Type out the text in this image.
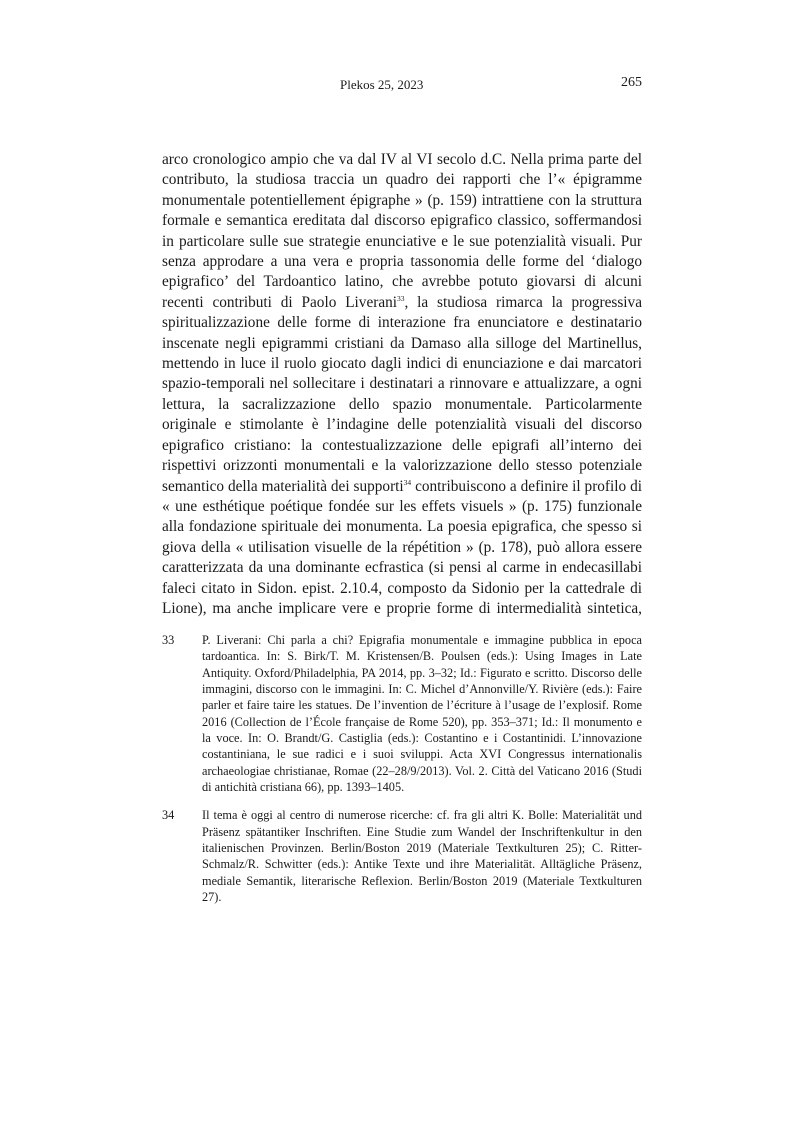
Plekos 25, 2023	265

arco cronologico ampio che va dal IV al VI secolo d.C. Nella prima parte del contributo, la studiosa traccia un quadro dei rapporti che l’« épigramme monumentale potentiellement épigraphe » (p. 159) intrattiene con la struttura formale e semantica ereditata dal discorso epigrafico classico, soffermandosi in particolare sulle sue strategie enunciative e le sue potenzialità visuali. Pur senza approdare a una vera e propria tassonomia delle forme del ‘dialogo epigrafico’ del Tardoantico latino, che avrebbe potuto giovarsi di alcuni recenti contributi di Paolo Liverani$^{33}$, la studiosa rimarca la progressiva spiritualizzazione delle forme di interazione fra enunciatore e destinatario inscenate negli epigrammi cristiani da Damaso alla silloge del Martinellus, mettendo in luce il ruolo giocato dagli indici di enunciazione e dai marcatori spazio-temporali nel sollecitare i destinatari a rinnovare e attualizzare, a ogni lettura, la sacralizzazione dello spazio monumentale. Particolarmente originale e stimolante è l’indagine delle potenzialità visuali del discorso epigrafico cristiano: la contestualizzazione delle epigrafi all’interno dei rispettivi orizzonti monumentali e la valorizzazione dello stesso potenziale semantico della materialità dei supporti$^{34}$ contribuiscono a definire il profilo di « une esthétique poétique fondée sur les effets visuels » (p. 175) funzionale alla fondazione spirituale dei monumenta. La poesia epigrafica, che spesso si giova della « utilisation visuelle de la répétition » (p. 178), può allora essere caratterizzata da una dominante ecfrastica (si pensi al carme in endecasillabi faleci citato in Sidon. epist. 2.10.4, composto da Sidonio per la cattedrale di Lione), ma anche implicare vere e proprie forme di intermedialità sintetica,

33 P. Liverani: Chi parla a chi? Epigrafia monumentale e immagine pubblica in epoca tardoantica. In: S. Birk/T. M. Kristensen/B. Poulsen (eds.): Using Images in Late Antiquity. Oxford/Philadelphia, PA 2014, pp. 3–32; Id.: Figurato e scritto. Discorso delle immagini, discorso con le immagini. In: C. Michel d’Annonville/Y. Rivière (eds.): Faire parler et faire taire les statues. De l’invention de l’écriture à l’usage de l’explosif. Rome 2016 (Collection de l’École française de Rome 520), pp. 353–371; Id.: Il monumento e la voce. In: O. Brandt/G. Castiglia (eds.): Costantino e i Costantinidi. L’innovazione costantiniana, le sue radici e i suoi sviluppi. Acta XVI Congressus internationalis archaeologiae christianae, Romae (22–28/9/2013). Vol. 2. Città del Vaticano 2016 (Studi di antichità cristiana 66), pp. 1393–1405.
34 Il tema è oggi al centro di numerose ricerche: cf. fra gli altri K. Bolle: Materialität und Präsenz spätantiker Inschriften. Eine Studie zum Wandel der Inschriftenkultur in den italienischen Provinzen. Berlin/Boston 2019 (Materiale Textkulturen 25); C. Ritter-Schmalz/R. Schwitter (eds.): Antike Texte und ihre Materialität. Alltägliche Präsenz, mediale Semantik, literarische Reflexion. Berlin/Boston 2019 (Materiale Textkulturen 27).
